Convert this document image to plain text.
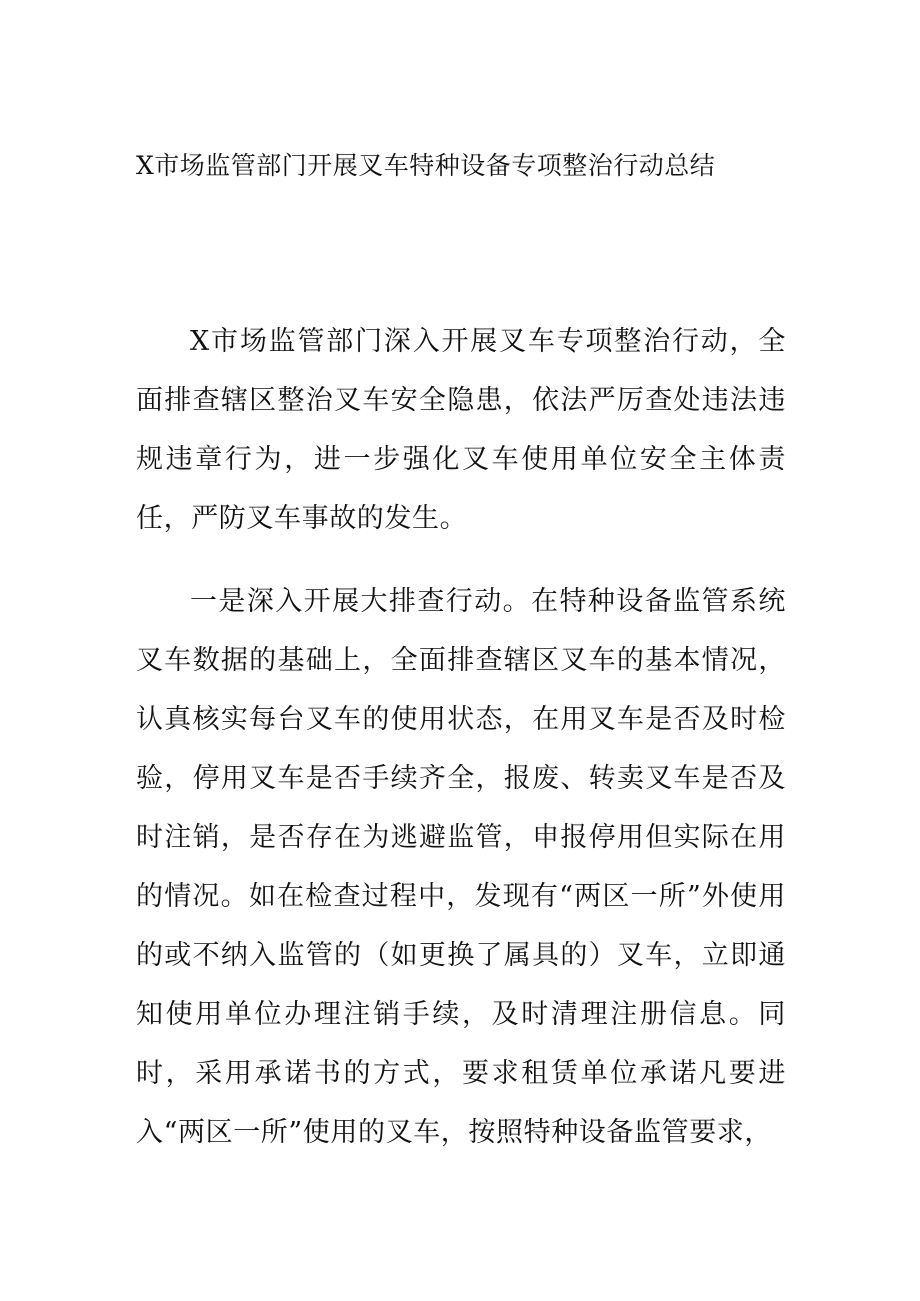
X市场监管部门开展叉车特种设备专项整治行动总结

X市场监管部门深入开展叉车专项整治行动，全面排查辖区整治叉车安全隐患，依法严厉查处违法违规违章行为，进一步强化叉车使用单位安全主体责任，严防叉车事故的发生。

一是深入开展大排查行动。在特种设备监管系统叉车数据的基础上，全面排查辖区叉车的基本情况，认真核实每台叉车的使用状态，在用叉车是否及时检验，停用叉车是否手续齐全，报废、转卖叉车是否及时注销，是否存在为逃避监管，申报停用但实际在用的情况。如在检查过程中，发现有“两区一所”外使用的或不纳入监管的（如更换了属具的）叉车，立即通知使用单位办理注销手续，及时清理注册信息。同时，采用承诺书的方式，要求租赁单位承诺凡要进入“两区一所”使用的叉车，按照特种设备监管要求，
